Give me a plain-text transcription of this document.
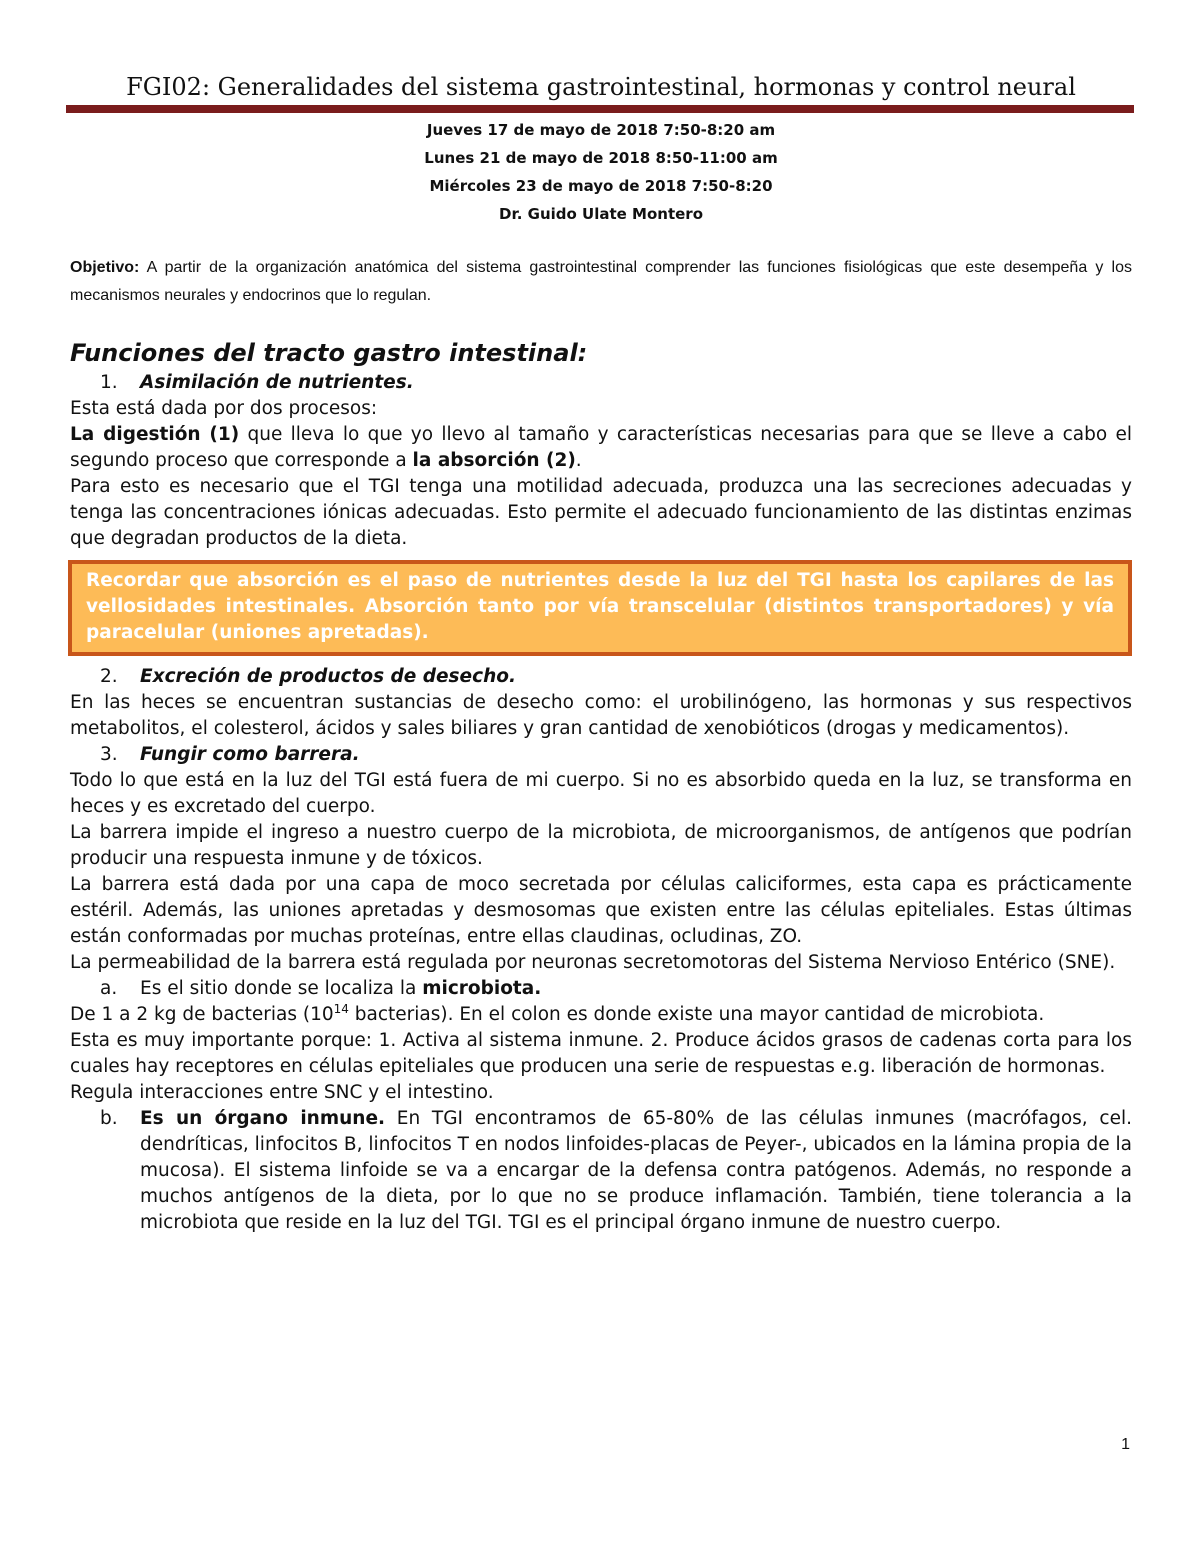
FGI02: Generalidades del sistema gastrointestinal, hormonas y control neural
Jueves 17 de mayo de 2018 7:50-8:20 am
Lunes 21 de mayo de 2018 8:50-11:00 am
Miércoles 23 de mayo de 2018 7:50-8:20
Dr. Guido Ulate Montero
Objetivo: A partir de la organización anatómica del sistema gastrointestinal comprender las funciones fisiológicas que este desempeña y los mecanismos neurales y endocrinos que lo regulan.
Funciones del tracto gastro intestinal:

1. Asimilación de nutrientes.

Esta está dada por dos procesos:

La digestión (1) que lleva lo que yo llevo al tamaño y características necesarias para que se lleve a cabo el segundo proceso que corresponde a la absorción (2).

Para esto es necesario que el TGI tenga una motilidad adecuada, produzca una las secreciones adecuadas y tenga las concentraciones iónicas adecuadas. Esto permite el adecuado funcionamiento de las distintas enzimas que degradan productos de la dieta.

Recordar que absorción es el paso de nutrientes desde la luz del TGI hasta los capilares de las vellosidades intestinales. Absorción tanto por vía transcelular (distintos transportadores) y vía paracelular (uniones apretadas).

2. Excreción de productos de desecho.

En las heces se encuentran sustancias de desecho como: el urobilinógeno, las hormonas y sus respectivos metabolitos, el colesterol, ácidos y sales biliares y gran cantidad de xenobióticos (drogas y medicamentos).

3. Fungir como barrera.

Todo lo que está en la luz del TGI está fuera de mi cuerpo. Si no es absorbido queda en la luz, se transforma en heces y es excretado del cuerpo.

La barrera impide el ingreso a nuestro cuerpo de la microbiota, de microorganismos, de antígenos que podrían producir una respuesta inmune y de tóxicos.

La barrera está dada por una capa de moco secretada por células caliciformes, esta capa es prácticamente estéril. Además, las uniones apretadas y desmosomas que existen entre las células epiteliales. Estas últimas están conformadas por muchas proteínas, entre ellas claudinas, ocludinas, ZO.

La permeabilidad de la barrera está regulada por neuronas secretomotoras del Sistema Nervioso Entérico (SNE).

a. Es el sitio donde se localiza la microbiota.

De 1 a 2 kg de bacterias ($10^{14}$ bacterias). En el colon es donde existe una mayor cantidad de microbiota.

Esta es muy importante porque: 1. Activa al sistema inmune. 2. Produce ácidos grasos de cadenas corta para los cuales hay receptores en células epiteliales que producen una serie de respuestas e.g. liberación de hormonas.

Regula interacciones entre SNC y el intestino.

b. Es un órgano inmune. En TGI encontramos de 65-80% de las células inmunes (macrófagos, cel. dendríticas, linfocitos B, linfocitos T en nodos linfoides-placas de Peyer-, ubicados en la lámina propia de la mucosa). El sistema linfoide se va a encargar de la defensa contra patógenos. Además, no responde a muchos antígenos de la dieta, por lo que no se produce inflamación. También, tiene tolerancia a la microbiota que reside en la luz del TGI. TGI es el principal órgano inmune de nuestro cuerpo.

1
